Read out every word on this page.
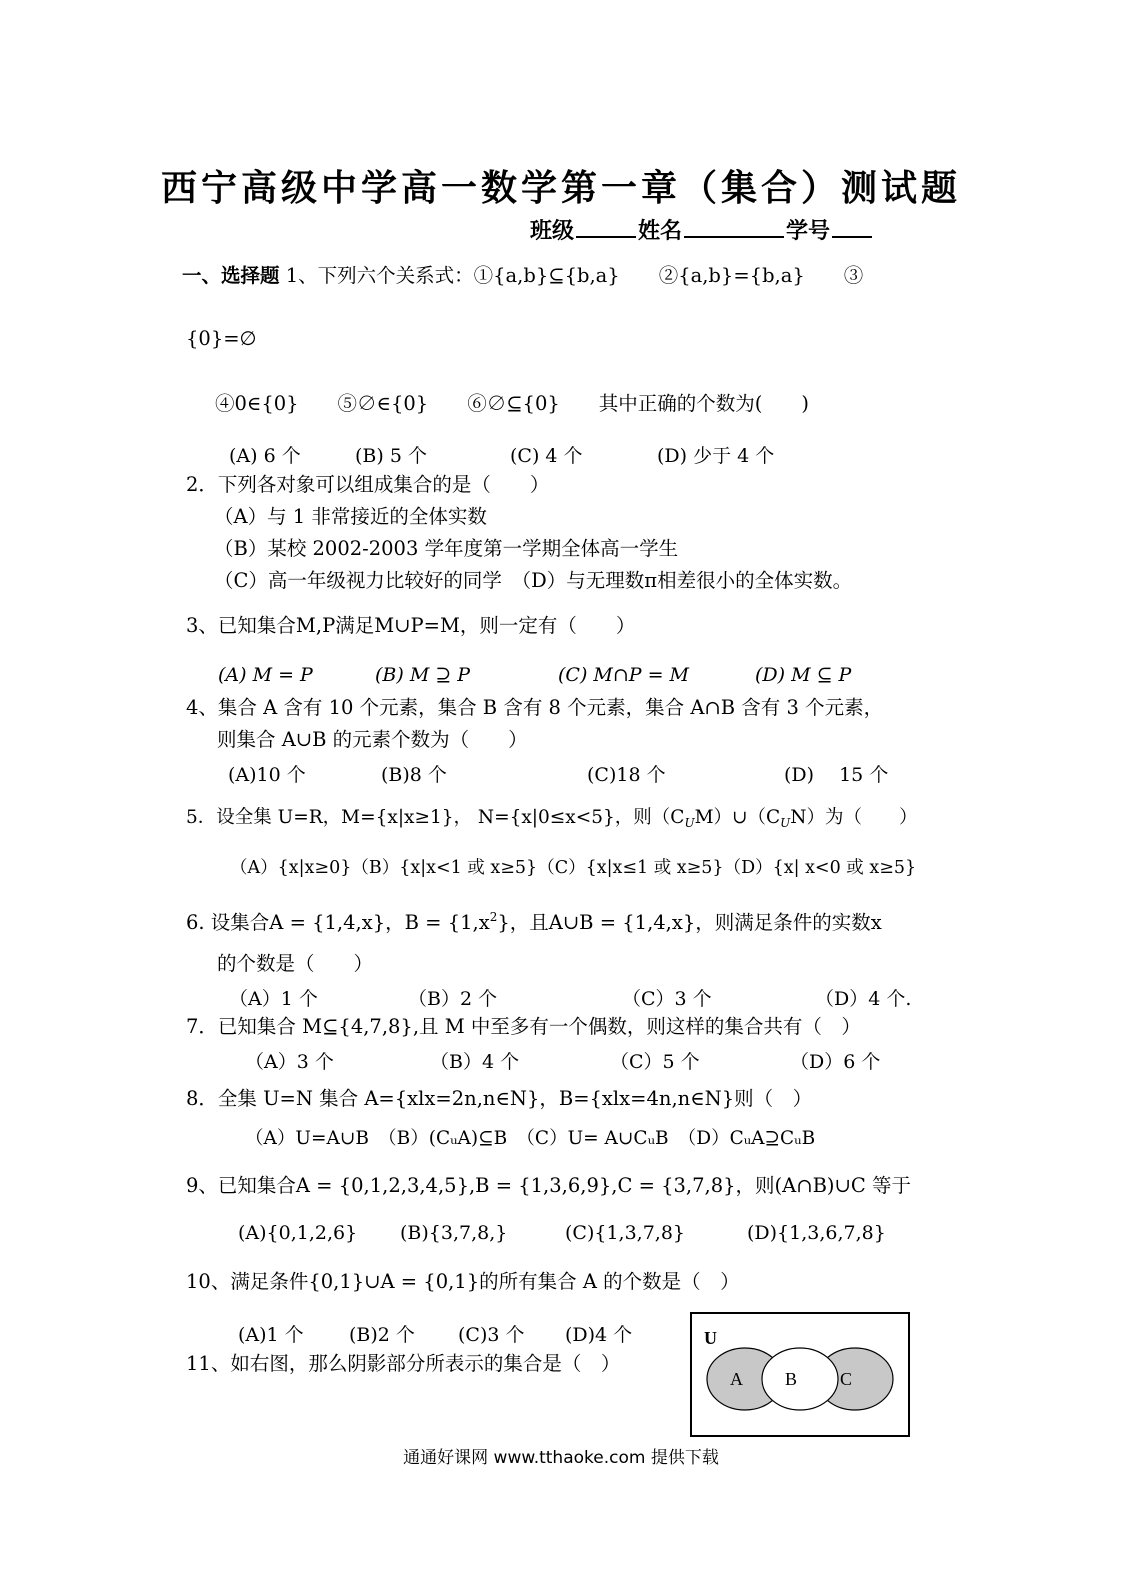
西宁高级中学高一数学第一章（集合）测试题
班级	姓名	学号
一、选择题 1、下列六个关系式：①{a,b}⊆{b,a}　　②{a,b}={b,a}　　③
{0}=∅
④0∈{0}　　⑤∅∈{0}　　⑥∅⊆{0}　　其中正确的个数为(　　)
(A) 6 个	(B) 5 个	(C) 4 个	(D) 少于 4 个
2．下列各对象可以组成集合的是（　　）
（A）与 1 非常接近的全体实数
（B）某校 2002-2003 学年度第一学期全体高一学生
（C）高一年级视力比较好的同学　（D）与无理数π相差很小的全体实数。
3、已知集合M,P满足M∪P=M，则一定有（　　）
(A) M = P	(B) M ⊇ P	(C) M∩P = M	(D) M ⊆ P
4、集合 A 含有 10 个元素，集合 B 含有 8 个元素，集合 A∩B 含有 3 个元素，
则集合 A∪B 的元素个数为（　　）
(A)10 个	(B)8 个	(C)18 个	(D)　 15 个
5．设全集 U=R，M={x|x≥1}， N={x|0≤x<5}，则$(C_UM)\cup(C_UN)$为（　　）
（A）{x|x≥0}（B）{x|x<1 或 x≥5}（C）{x|x≤1 或 x≥5}（D）{x| x<0 或 x≥5}
6. 设集合A = {1,4,x}，$B = \{1,x^2\}$，且A∪B = {1,4,x}，则满足条件的实数x
的个数是（　　）
（A）1 个	（B）2 个	（C）3 个	（D）4 个.
7．已知集合 M⊆{4,7,8},且 M 中至多有一个偶数，则这样的集合共有（　）
（A）3 个	（B）4 个	（C）5 个	（D）6 个
8．全集 U=N 集合 A={xlx=2n,n∈N}，B={xlx=4n,n∈N}则（　）
（A）U=A∪B　（B）(CᵤA)⊆B　（C）U= A∪CᵤB　（D）CᵤA⊇CᵤB
9、已知集合A = {0,1,2,3,4,5},B = {1,3,6,9},C = {3,7,8}，则(A∩B)∪C 等于
(A){0,1,2,6} (B){3,7,8,}	(C){1,3,7,8}	(D){1,3,6,7,8}
10、满足条件{0,1}∪A = {0,1}的所有集合 A 的个数是（　）
(A)1 个 (B)2 个 (C)3 个 (D)4 个
11、如右图，那么阴影部分所表示的集合是（　）
U
A B C
通通好课网 www.tthaoke.com 提供下载
